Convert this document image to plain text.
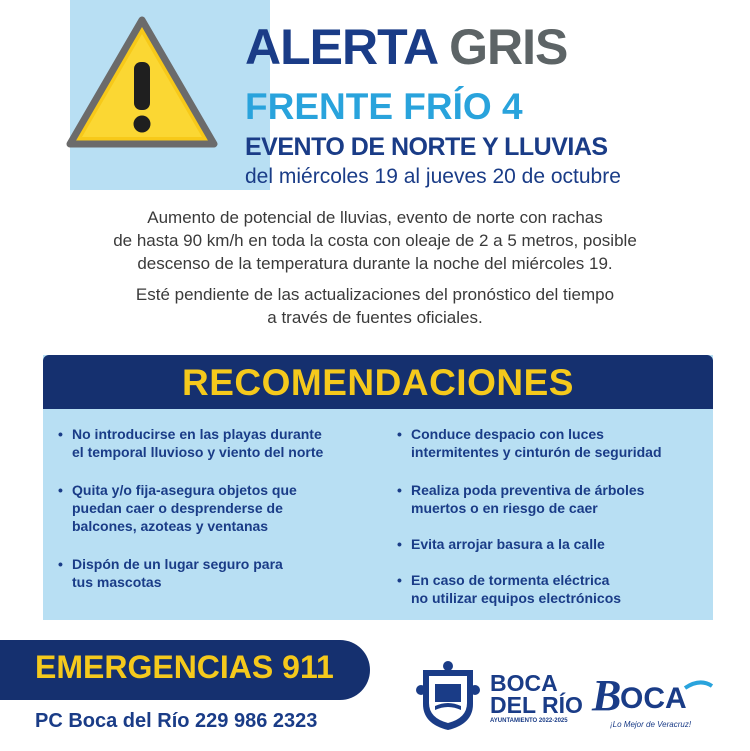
ALERTA GRIS
FRENTE FRÍO 4
EVENTO DE NORTE Y LLUVIAS
del miércoles 19 al jueves 20 de octubre
Aumento de potencial de lluvias, evento de norte con rachas
de hasta 90 km/h en toda la costa con oleaje de 2 a 5 metros, posible
descenso de la temperatura durante la noche del miércoles 19.
Esté pendiente de las actualizaciones del pronóstico del tiempo
a través de fuentes oficiales.
RECOMENDACIONES
• No introducirse en las playas durante
el temporal lluvioso y viento del norte
• Quita y/o fija-asegura objetos que
puedan caer o desprenderse de
balcones, azoteas y ventanas
• Dispón de un lugar seguro para
tus mascotas
• Conduce despacio con luces
intermitentes y cinturón de seguridad
• Realiza poda preventiva de árboles
muertos o en riesgo de caer
• Evita arrojar basura a la calle
• En caso de tormenta eléctrica
no utilizar equipos electrónicos
EMERGENCIAS 911
PC Boca del Río 229 986 2323
BOCA
DEL RÍO
AYUNTAMIENTO 2022-2025
B
OCA
¡Lo Mejor de Veracruz!
